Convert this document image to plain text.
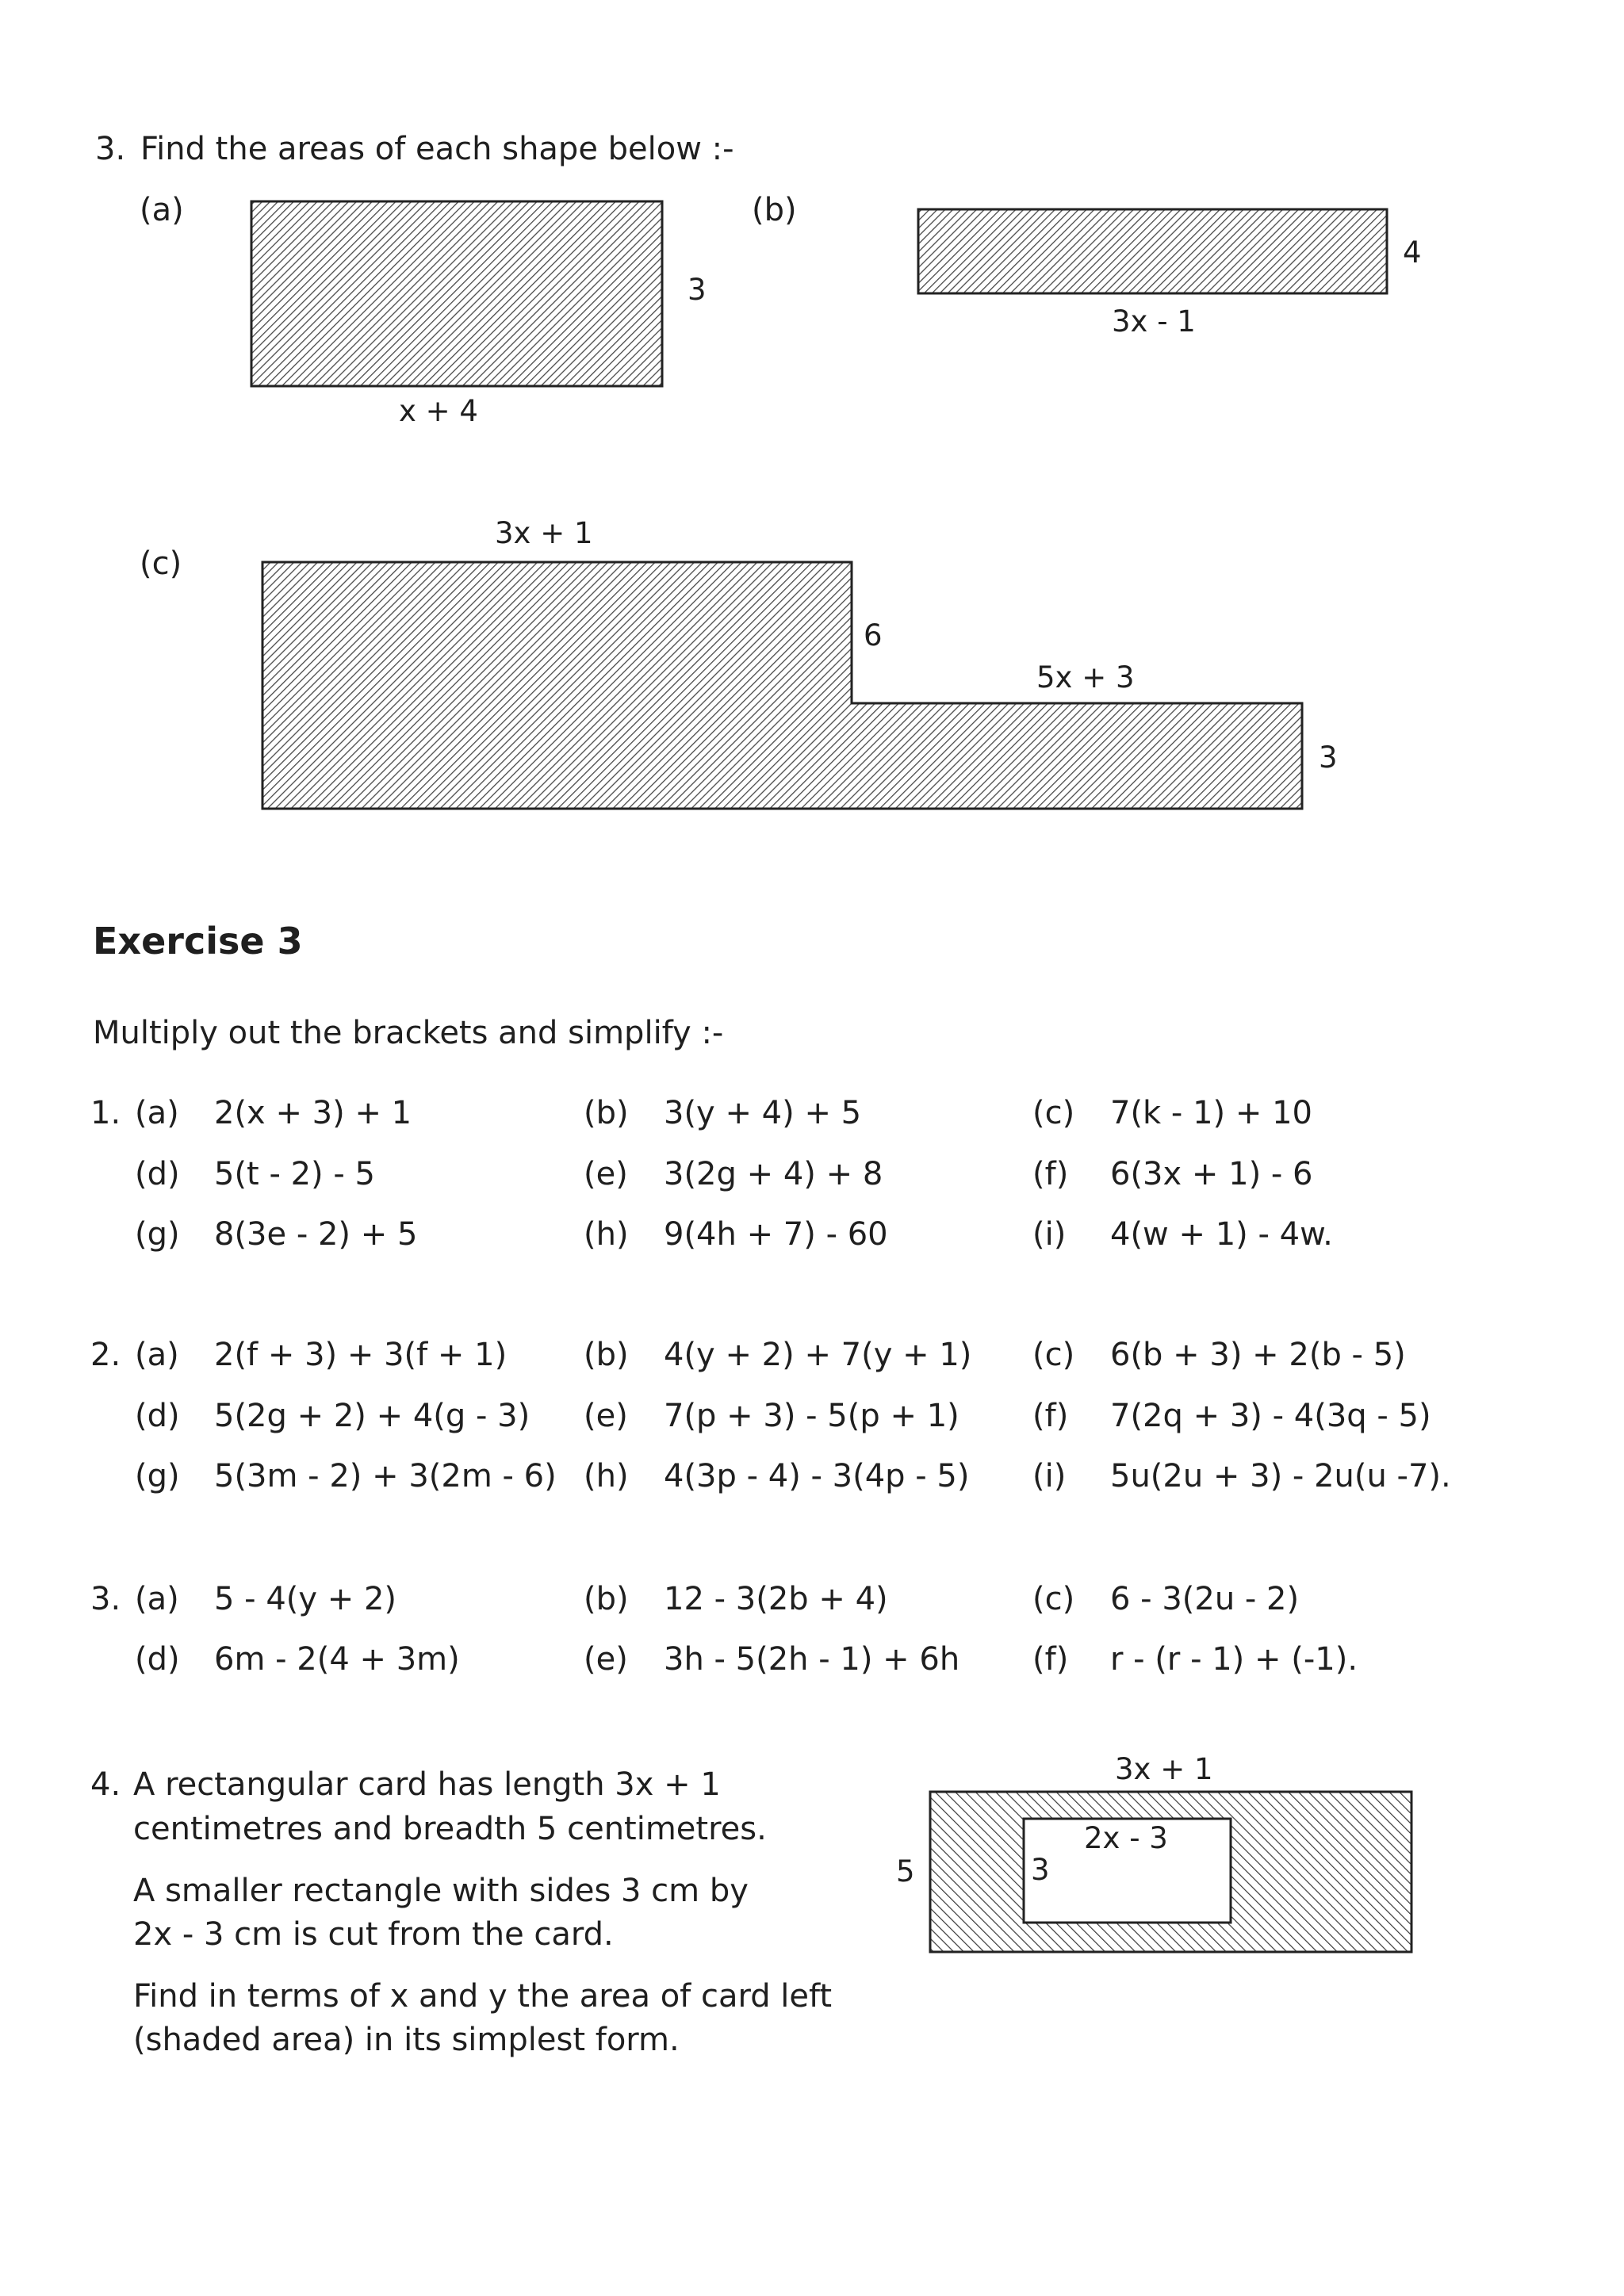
3. Find the areas of each shape below :-
(a)
3
x + 4
(b)
4
3x - 1
(c)
3x + 1
6
5x + 3
3
Exercise 3
Multiply out the brackets and simplify :-
1. (a) 2(x + 3) + 1	(b) 3(y + 4) + 5	(c) 7(k - 1) + 10
(d) 5(t - 2) - 5	(e) 3(2g + 4) + 8	(f) 6(3x + 1) - 6
(g) 8(3e - 2) + 5	(h) 9(4h + 7) - 60	(i) 4(w + 1) - 4w.
2. (a) 2(f + 3) + 3(f + 1) (b) 4(y + 2) + 7(y + 1) (c) 6(b + 3) + 2(b - 5)
(d) 5(2g + 2) + 4(g - 3) (e) 7(p + 3) - 5(p + 1) (f) 7(2q + 3) - 4(3q - 5)
(g) 5(3m - 2) + 3(2m - 6) (h) 4(3p - 4) - 3(4p - 5) (i) 5u(2u + 3) - 2u(u -7).
3. (a) 5 - 4(y + 2)	(b) 12 - 3(2b + 4)	(c) 6 - 3(2u - 2)
(d) 6m - 2(4 + 3m)	(e) 3h - 5(2h - 1) + 6h (f) r - (r - 1) + (-1).
4. A rectangular card has length 3x + 1
centimetres and breadth 5 centimetres.
A smaller rectangle with sides 3 cm by
2x - 3 cm is cut from the card.
Find in terms of x and y the area of card left
(shaded area) in its simplest form.
3x + 1
5
2x - 3
3
